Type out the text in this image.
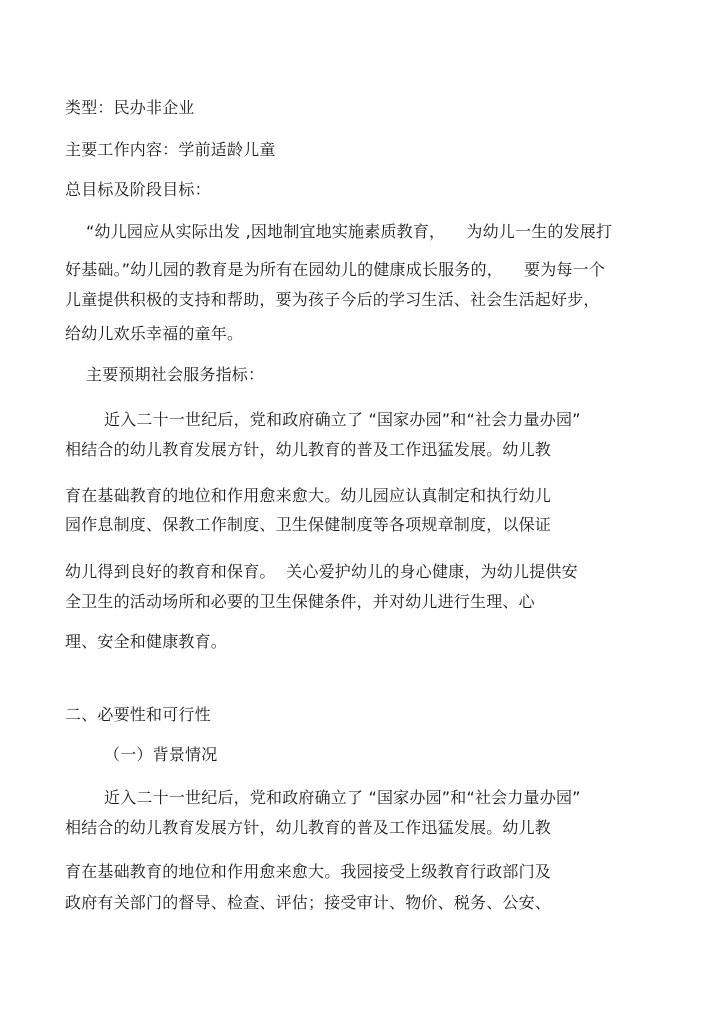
类型：民办非企业
主要工作内容：学前适龄儿童
总目标及阶段目标：
“幼儿园应从实际出发 ,因地制宜地实施素质教育，    为幼儿一生的发展打
好基础。”幼儿园的教育是为所有在园幼儿的健康成长服务的，    要为每一个
儿童提供积极的支持和帮助，要为孩子今后的学习生活、社会生活起好步，
给幼儿欢乐幸福的童年。
主要预期社会服务指标：
近入二十一世纪后，党和政府确立了 “国家办园”和“社会力量办园”
相结合的幼儿教育发展方针，幼儿教育的普及工作迅猛发展。幼儿教
育在基础教育的地位和作用愈来愈大。幼儿园应认真制定和执行幼儿
园作息制度、保教工作制度、卫生保健制度等各项规章制度，以保证
幼儿得到良好的教育和保育。  关心爱护幼儿的身心健康，为幼儿提供安
全卫生的活动场所和必要的卫生保健条件，并对幼儿进行生理、心
理、安全和健康教育。
二、必要性和可行性
（一）背景情况
近入二十一世纪后，党和政府确立了 “国家办园”和“社会力量办园”
相结合的幼儿教育发展方针，幼儿教育的普及工作迅猛发展。幼儿教
育在基础教育的地位和作用愈来愈大。我园接受上级教育行政部门及
政府有关部门的督导、检查、评估；接受审计、物价、税务、公安、
